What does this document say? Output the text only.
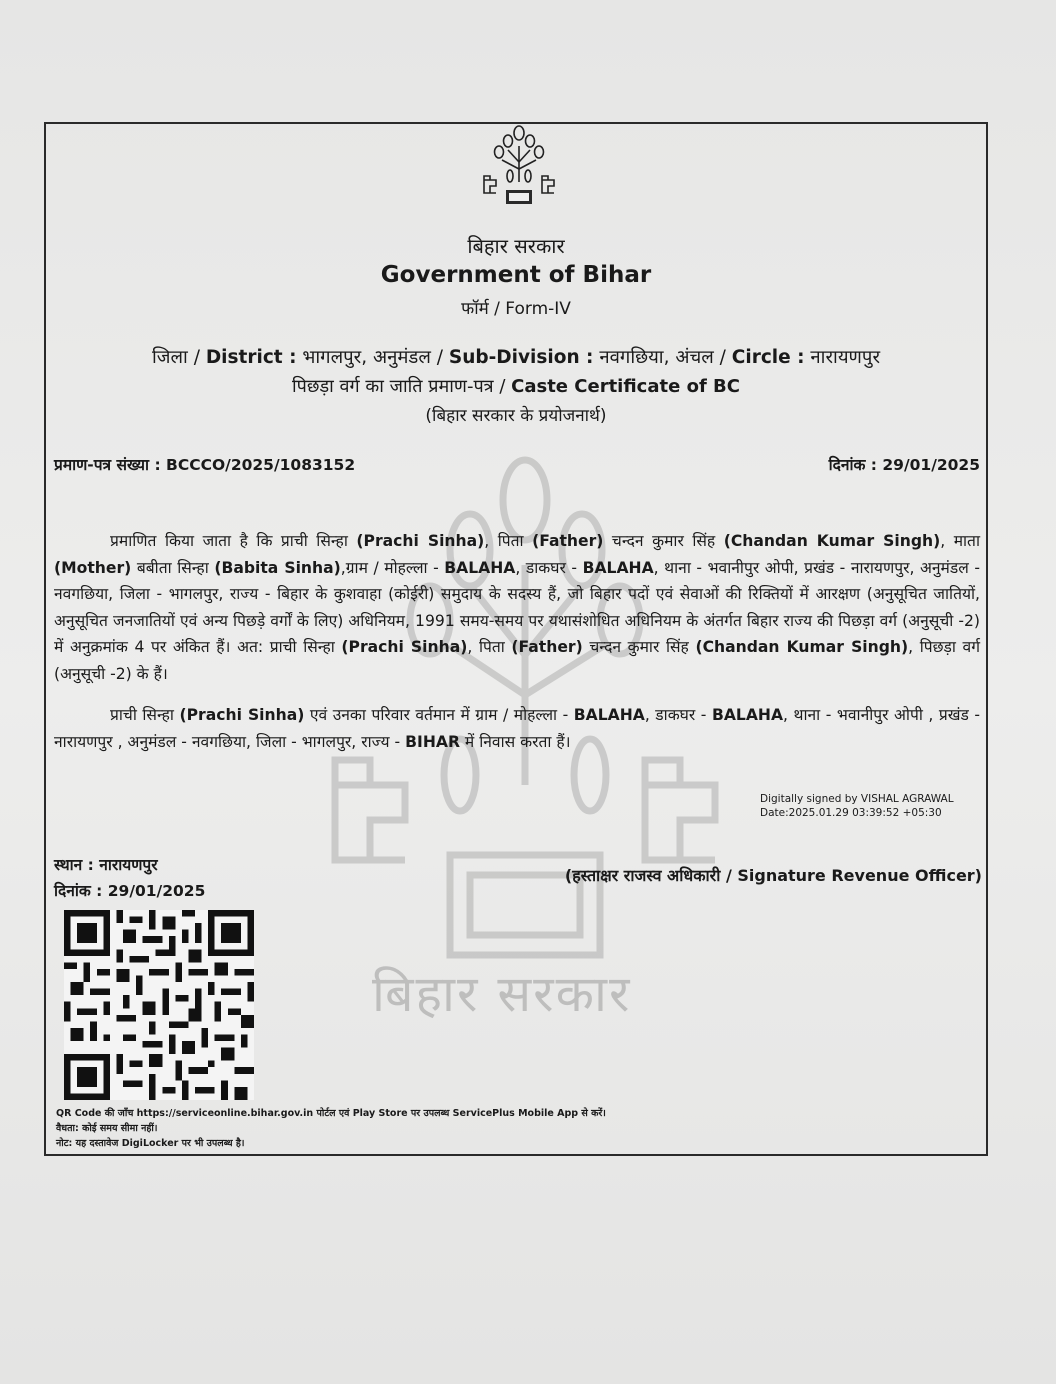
बिहार सरकार
बिहार सरकार
Government of Bihar
फॉर्म / Form-IV
जिला / District : भागलपुर, अनुमंडल / Sub-Division : नवगछिया, अंचल / Circle : नारायणपुर
पिछड़ा वर्ग का जाति प्रमाण-पत्र / Caste Certificate of BC
(बिहार सरकार के प्रयोजनार्थ)
प्रमाण-पत्र संख्या : BCCCO/2025/1083152	दिनांक : 29/01/2025

प्रमाणित किया जाता है कि प्राची सिन्हा (Prachi Sinha), पिता (Father) चन्दन कुमार सिंह (Chandan Kumar Singh), माता (Mother) बबीता सिन्हा (Babita Sinha),ग्राम / मोहल्ला - BALAHA, डाकघर - BALAHA, थाना - भवानीपुर ओपी, प्रखंड - नारायणपुर, अनुमंडल - नवगछिया, जिला - भागलपुर, राज्य - बिहार के कुशवाहा (कोईरी) समुदाय के सदस्य हैं, जो बिहार पदों एवं सेवाओं की रिक्तियों में आरक्षण (अनुसूचित जातियों, अनुसूचित जनजातियों एवं अन्य पिछड़े वर्गों के लिए) अधिनियम, 1991 समय-समय पर यथासंशोधित अधिनियम के अंतर्गत बिहार राज्य की पिछड़ा वर्ग (अनुसूची -2) में अनुक्रमांक 4 पर अंकित हैं। अत: प्राची सिन्हा (Prachi Sinha), पिता (Father) चन्दन कुमार सिंह (Chandan Kumar Singh), पिछड़ा वर्ग (अनुसूची -2) के हैं।

प्राची सिन्हा (Prachi Sinha) एवं उनका परिवार वर्तमान में ग्राम / मोहल्ला - BALAHA, डाकघर - BALAHA, थाना - भवानीपुर ओपी , प्रखंड - नारायणपुर , अनुमंडल - नवगछिया, जिला - भागलपुर, राज्य - BIHAR में निवास करता हैं।

Digitally signed by VISHAL AGRAWAL
Date:2025.01.29 03:39:52 +05:30
स्थान : नारायणपुर
दिनांक : 29/01/2025
(हस्ताक्षर राजस्व अधिकारी / Signature Revenue Officer)
QR Code की जाँच https://serviceonline.bihar.gov.in पोर्टल एवं Play Store पर उपलब्ध ServicePlus Mobile App से करें।
वैधता: कोई समय सीमा नहीं।
नोट: यह दस्तावेज DigiLocker पर भी उपलब्ध है।
